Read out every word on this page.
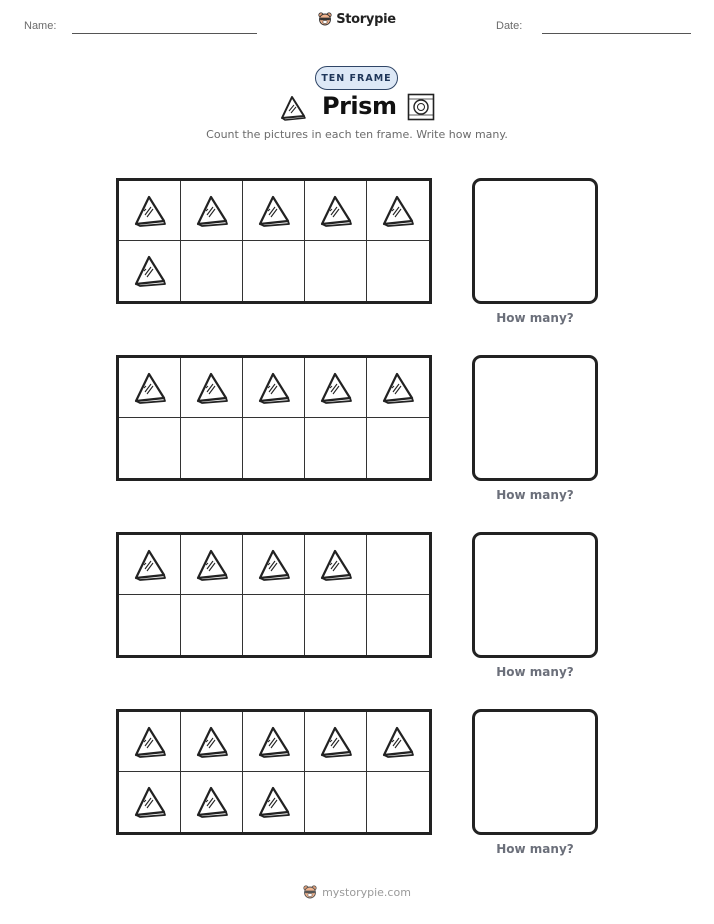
Name:	Storypie	Date:
TEN FRAME
Prism
Count the pictures in each ten frame. Write how many.
How many?
How many?
How many?
How many?
mystorypie.com
